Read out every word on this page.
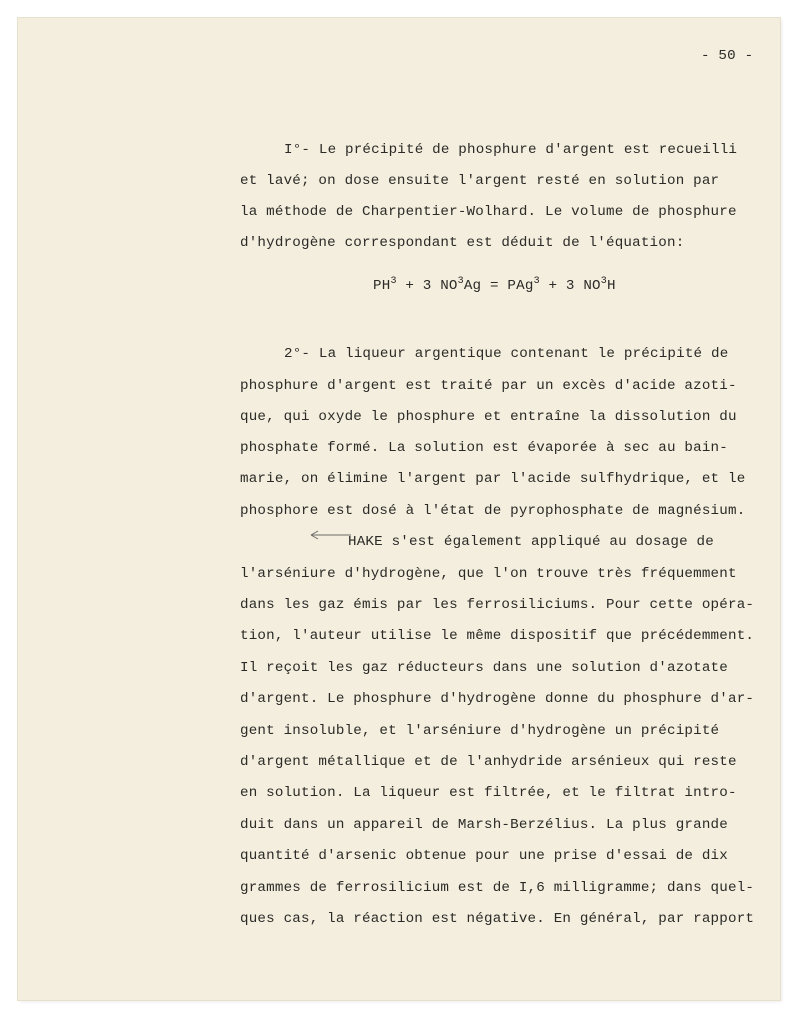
- 50 -
I°- Le précipité de phosphure d'argent est recueilli
et lavé; on dose ensuite l'argent resté en solution par
la méthode de Charpentier-Wolhard. Le volume de phosphure
d'hydrogène correspondant est déduit de l'équation:
$PH^3 + 3$ $NO^3Ag = PAg^3 + 3$ $NO^3H$
2°- La liqueur argentique contenant le précipité de
phosphure d'argent est traité par un excès d'acide azoti-
que, qui oxyde le phosphure et entraîne la dissolution du
phosphate formé. La solution est évaporée à sec au bain-
marie, on élimine l'argent par l'acide sulfhydrique, et le
phosphore est dosé à l'état de pyrophosphate de magnésium.
HAKE s'est également appliqué au dosage de
l'arséniure d'hydrogène, que l'on trouve très fréquemment
dans les gaz émis par les ferrosiliciums. Pour cette opéra-
tion, l'auteur utilise le même dispositif que précédemment.
Il reçoit les gaz réducteurs dans une solution d'azotate
d'argent. Le phosphure d'hydrogène donne du phosphure d'ar-
gent insoluble, et l'arséniure d'hydrogène un précipité
d'argent métallique et de l'anhydride arsénieux qui reste
en solution. La liqueur est filtrée, et le filtrat intro-
duit dans un appareil de Marsh-Berzélius. La plus grande
quantité d'arsenic obtenue pour une prise d'essai de dix
grammes de ferrosilicium est de I,6 milligramme; dans quel-
ques cas, la réaction est négative. En général, par rapport
